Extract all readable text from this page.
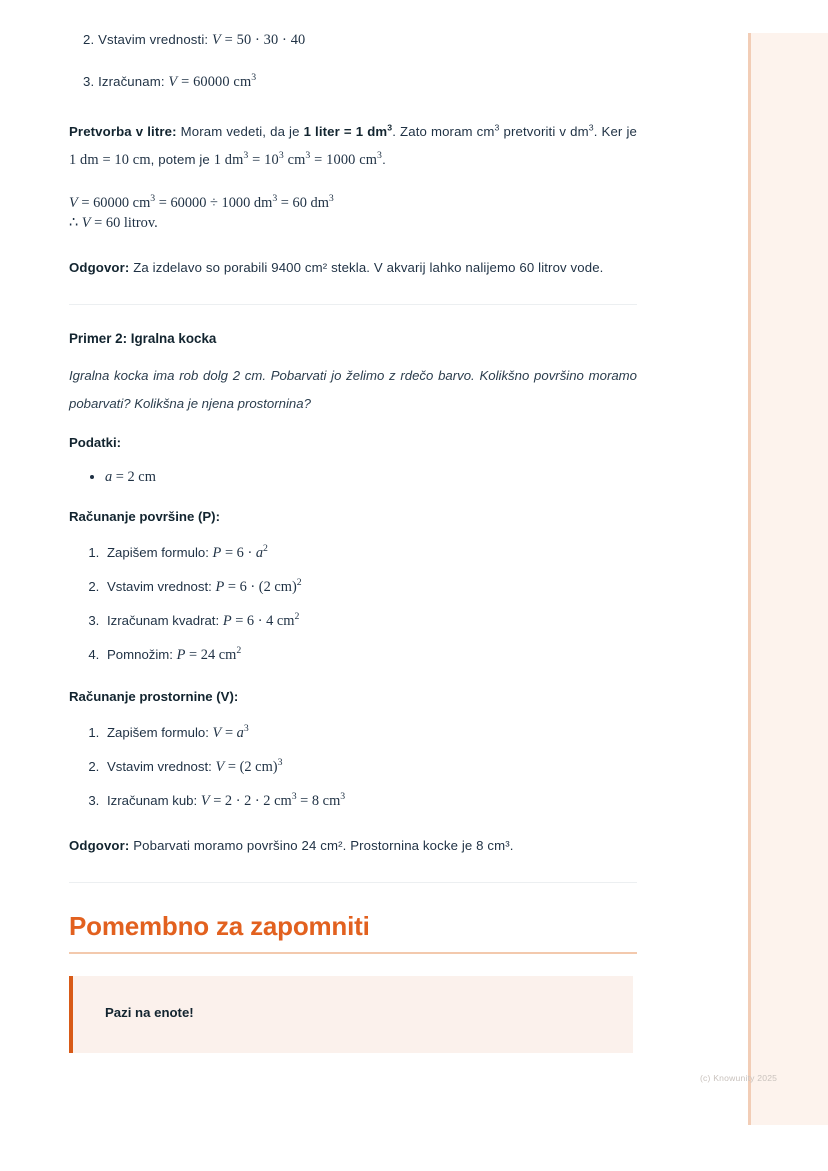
2. Vstavim vrednosti: V = 50 · 30 · 40
3. Izračunam: V = 60000 $cm^3$

Pretvorba v litre: Moram vedeti, da je 1 liter = 1 $dm^3$. Zato moram $cm^3$ pretvoriti v $dm^3$. Ker je 1 dm = 10 cm, potem je 1 $dm^3 = 10^3$ $cm^3 = 1000$ $cm^3$.

V = 60000 $cm^3 = 60000 \div 1000$ $dm^3 = 60$ $dm^3$
∴ V = 60 litrov.

Odgovor: Za izdelavo so porabili 9400 cm² stekla. V akvarij lahko nalijemo 60 litrov vode.

Primer 2: Igralna kocka

Igralna kocka ima rob dolg 2 cm. Pobarvati jo želimo z rdečo barvo. Kolikšno površino moramo pobarvati? Kolikšna je njena prostornina?

Podatki:
• a = 2 cm
Računanje površine (P):
1. Zapišem formulo: $P = 6 \cdot a^2$
2. Vstavim vrednost: P = 6 · (2 cm)$^2$
3. Izračunam kvadrat: P = 6 · 4 $cm^2$
4. Pomnožim: P = 24 $cm^2$
Računanje prostornine (V):
1. Zapišem formulo: $V = a^3$
2. Vstavim vrednost: V = (2 cm)$^3$
3. Izračunam kub: V = 2 · 2 · 2 $cm^3 = 8$ $cm^3$

Odgovor: Pobarvati moramo površino 24 cm². Prostornina kocke je 8 cm³.

Pomembno za zapomniti
Pazi na enote!
(c) Knowunity 2025
